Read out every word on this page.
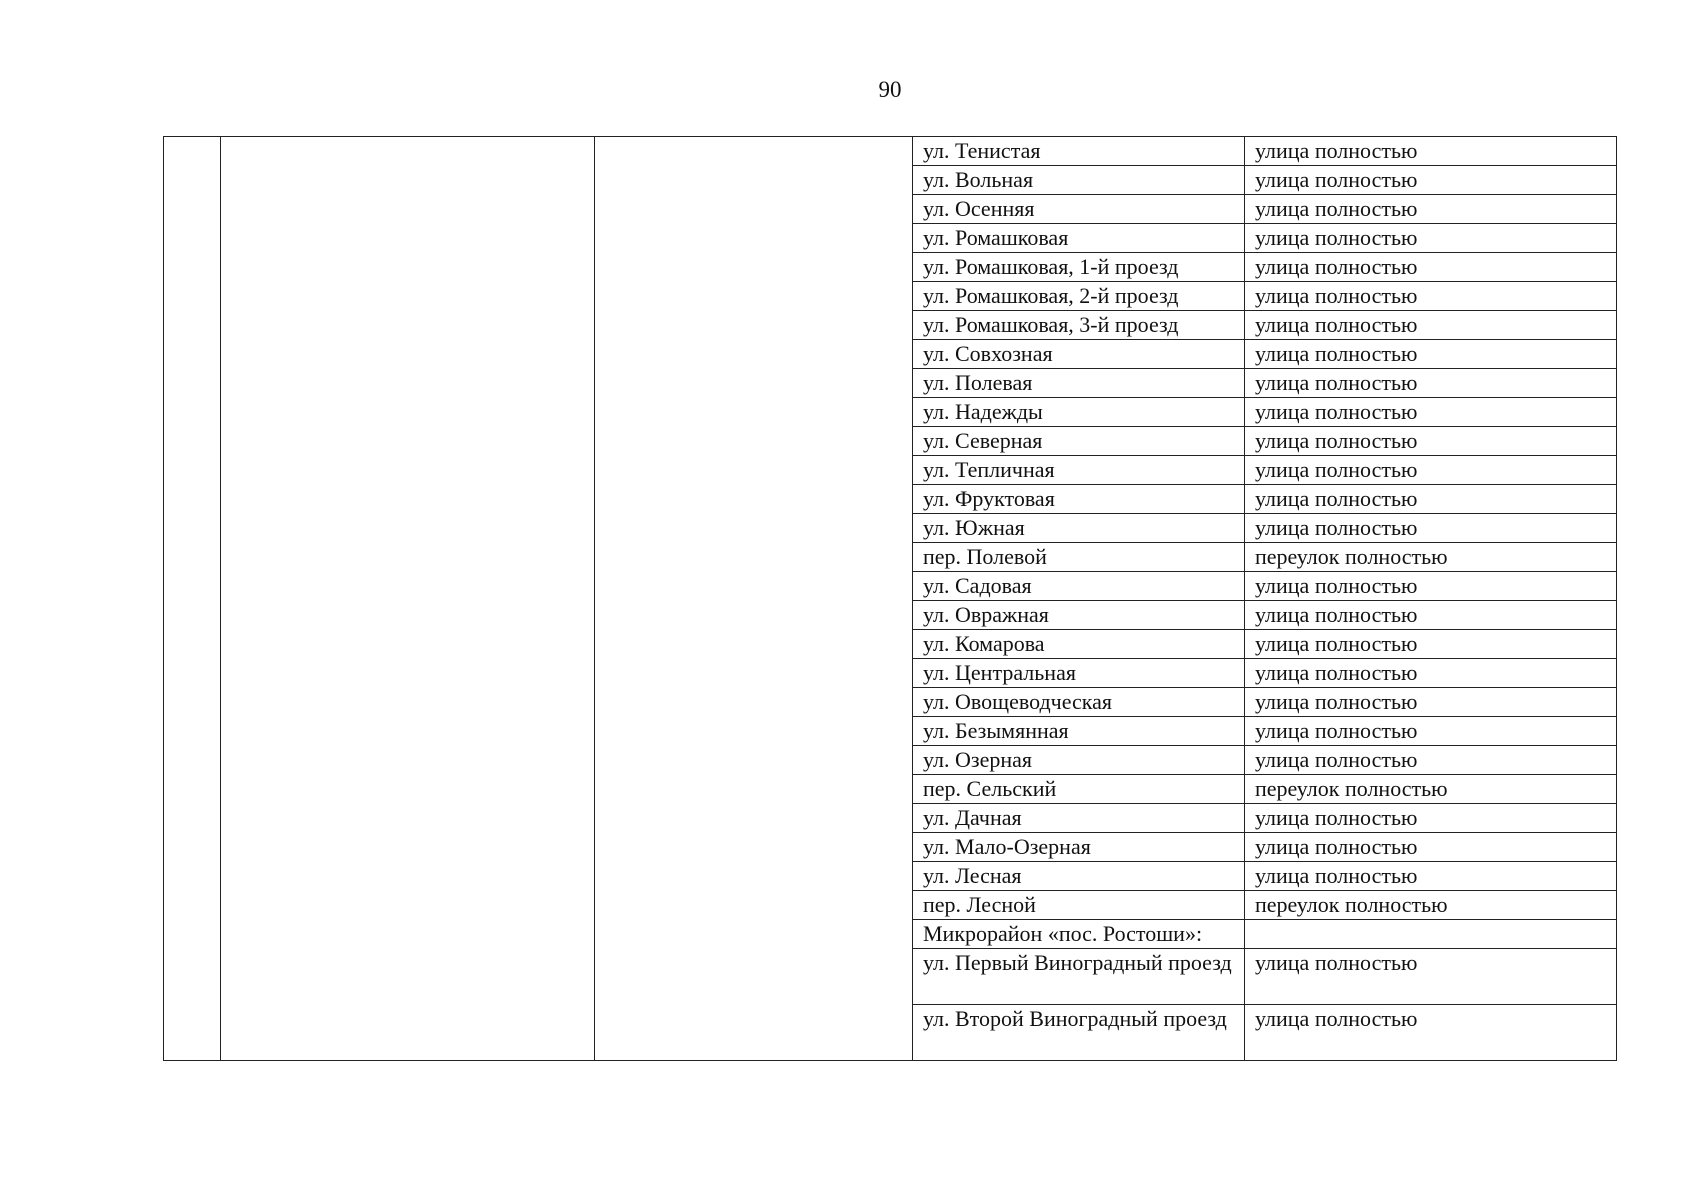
90
			ул. Тенистая	улица полностью
			ул. Вольная	улица полностью
			ул. Осенняя	улица полностью
			ул. Ромашковая	улица полностью
			ул. Ромашковая, 1-й проезд	улица полностью
			ул. Ромашковая, 2-й проезд	улица полностью
			ул. Ромашковая, 3-й проезд	улица полностью
			ул. Совхозная	улица полностью
			ул. Полевая	улица полностью
			ул. Надежды	улица полностью
			ул. Северная	улица полностью
			ул. Тепличная	улица полностью
			ул. Фруктовая	улица полностью
			ул. Южная	улица полностью
			пер. Полевой	переулок полностью
			ул. Садовая	улица полностью
			ул. Овражная	улица полностью
			ул. Комарова	улица полностью
			ул. Центральная	улица полностью
			ул. Овощеводческая	улица полностью
			ул. Безымянная	улица полностью
			ул. Озерная	улица полностью
			пер. Сельский	переулок полностью
			ул. Дачная	улица полностью
			ул. Мало-Озерная	улица полностью
			ул. Лесная	улица полностью
			пер. Лесной	переулок полностью
			Микрорайон «пос. Ростоши»:	
			ул. Первый Виноградный проезд	улица полностью
			ул. Второй Виноградный проезд	улица полностью
